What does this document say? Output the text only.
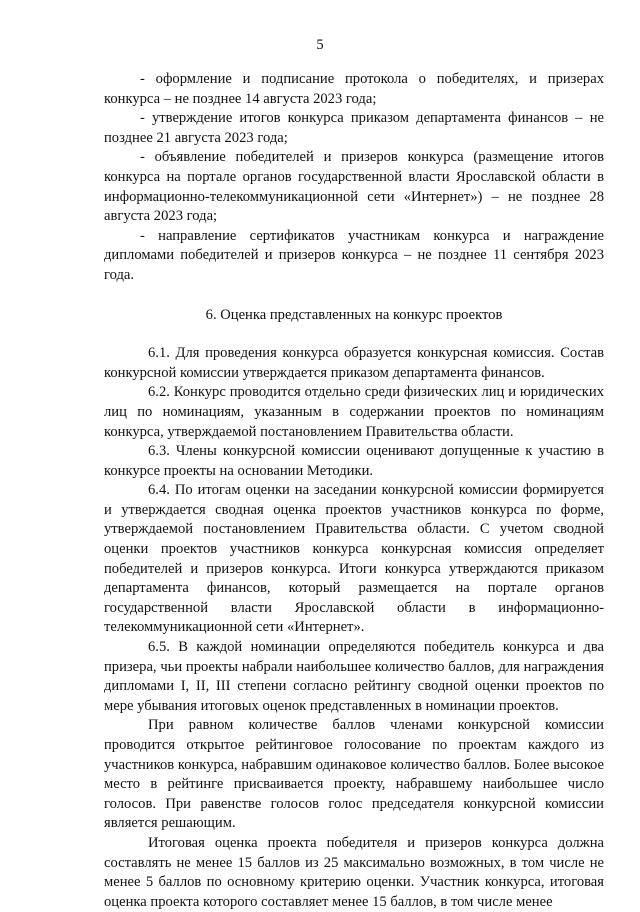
5

- оформление и подписание протокола о победителях, и призерах конкурса – не позднее 14 августа 2023 года;

- утверждение итогов конкурса приказом департамента финансов – не позднее 21 августа 2023 года;

- объявление победителей и призеров конкурса (размещение итогов конкурса на портале органов государственной власти Ярославской области в информационно-телекоммуникационной сети «Интернет») – не позднее 28 августа 2023 года;

- направление сертификатов участникам конкурса и награждение дипломами победителей и призеров конкурса – не позднее 11 сентября 2023 года.

6. Оценка представленных на конкурс проектов

6.1. Для проведения конкурса образуется конкурсная комиссия. Состав конкурсной комиссии утверждается приказом департамента финансов.

6.2. Конкурс проводится отдельно среди физических лиц и юридических лиц по номинациям, указанным в содержании проектов по номинациям конкурса, утверждаемой постановлением Правительства области.

6.3. Члены конкурсной комиссии оценивают допущенные к участию в конкурсе проекты на основании Методики.

6.4. По итогам оценки на заседании конкурсной комиссии формируется и утверждается сводная оценка проектов участников конкурса по форме, утверждаемой постановлением Правительства области. С учетом сводной оценки проектов участников конкурса конкурсная комиссия определяет победителей и призеров конкурса. Итоги конкурса утверждаются приказом департамента финансов, который размещается на портале органов государственной власти Ярославской области в информационно-телекоммуникационной сети «Интернет».

6.5. В каждой номинации определяются победитель конкурса и два призера, чьи проекты набрали наибольшее количество баллов, для награждения дипломами I, II, III степени согласно рейтингу сводной оценки проектов по мере убывания итоговых оценок представленных в номинации проектов.

При равном количестве баллов членами конкурсной комиссии проводится открытое рейтинговое голосование по проектам каждого из участников конкурса, набравшим одинаковое количество баллов. Более высокое место в рейтинге присваивается проекту, набравшему наибольшее число голосов. При равенстве голосов голос председателя конкурсной комиссии является решающим.

Итоговая оценка проекта победителя и призеров конкурса должна составлять не менее 15 баллов из 25 максимально возможных, в том числе не менее 5 баллов по основному критерию оценки. Участник конкурса, итоговая оценка проекта которого составляет менее 15 баллов, в том числе менее
